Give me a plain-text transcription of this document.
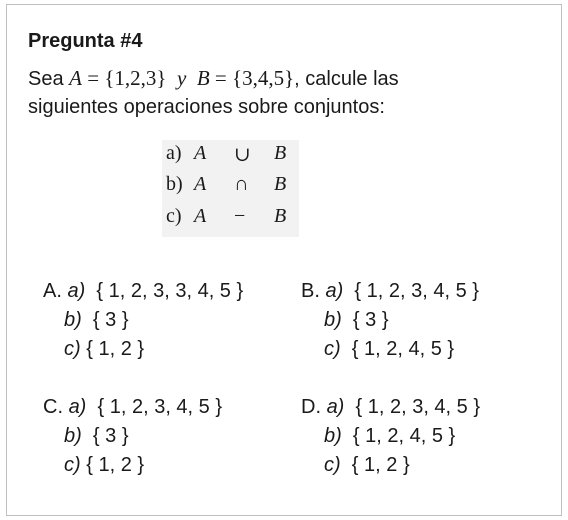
Pregunta #4
Sea A = {1,2,3} y B = {3,4,5}, calcule las
siguientes operaciones sobre conjuntos:
a) A ∪ B
b) A ∩ B
c) A − B
A. a) { 1, 2, 3, 3, 4, 5 }
b) { 3 }
c) { 1, 2 }
B. a) { 1, 2, 3, 4, 5 }
b) { 3 }
c) { 1, 2, 4, 5 }
C. a) { 1, 2, 3, 4, 5 }
b) { 3 }
c) { 1, 2 }
D. a) { 1, 2, 3, 4, 5 }
b) { 1, 2, 4, 5 }
c) { 1, 2 }
